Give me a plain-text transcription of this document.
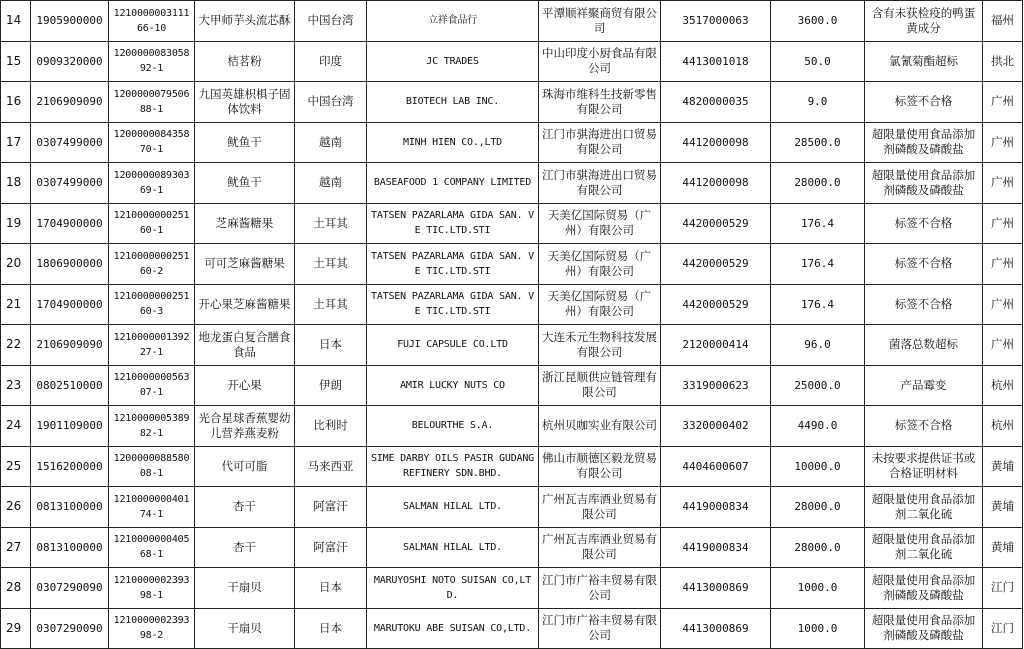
14	1905900000	121000000311166-10	大甲师芋头流芯酥	中国台湾	立祥食品行	平潭顺祥聚商贸有限公司	3517000063	3600.0	含有未获检疫的鸭蛋黄成分	福州
15	0909320000	120000008305892-1	桔茗粉	印度	JC TRADES	中山印度小厨食品有限公司	4413001018	50.0	氯氰菊酯超标	拱北
16	2106909090	120000007950688-1	九国英雄枳椇子固体饮料	中国台湾	BIOTECH LAB INC.	珠海市维科生技新零售有限公司	4820000035	9.0	标签不合格	广州
17	0307499000	120000008435870-1	鱿鱼干	越南	MINH HIEN CO.,LTD	江门市骐海进出口贸易有限公司	4412000098	28500.0	超限量使用食品添加剂磷酸及磷酸盐	广州
18	0307499000	120000008930369-1	鱿鱼干	越南	BASEAFOOD 1 COMPANY LIMITED	江门市骐海进出口贸易有限公司	4412000098	28000.0	超限量使用食品添加剂磷酸及磷酸盐	广州
19	1704900000	121000000025160-1	芝麻酱糖果	土耳其	TATSEN PAZARLAMA GIDA SAN. VE TIC.LTD.STI	天美亿国际贸易（广州）有限公司	4420000529	176.4	标签不合格	广州
20	1806900000	121000000025160-2	可可芝麻酱糖果	土耳其	TATSEN PAZARLAMA GIDA SAN. VE TIC.LTD.STI	天美亿国际贸易（广州）有限公司	4420000529	176.4	标签不合格	广州
21	1704900000	121000000025160-3	开心果芝麻酱糖果	土耳其	TATSEN PAZARLAMA GIDA SAN. VE TIC.LTD.STI	天美亿国际贸易（广州）有限公司	4420000529	176.4	标签不合格	广州
22	2106909090	121000000139227-1	地龙蛋白复合膳食食品	日本	FUJI CAPSULE CO.LTD	大连禾元生物科技发展有限公司	2120000414	96.0	菌落总数超标	广州
23	0802510000	121000000056307-1	开心果	伊朗	AMIR LUCKY NUTS CO	浙江昆顺供应链管理有限公司	3319000623	25000.0	产品霉变	杭州
24	1901109000	121000000538982-1	光合星球香蕉婴幼儿营养燕麦粉	比利时	BELOURTHE S.A.	杭州贝咖实业有限公司	3320000402	4490.0	标签不合格	杭州
25	1516200000	120000008858008-1	代可可脂	马来西亚	SIME DARBY OILS PASIR GUDANG REFINERY SDN.BHD.	佛山市顺德区毅龙贸易有限公司	4404600607	10000.0	未按要求提供证书或合格证明材料	黄埔
26	0813100000	121000000040174-1	杏干	阿富汗	SALMAN HILAL LTD.	广州瓦吉库酒业贸易有限公司	4419000834	28000.0	超限量使用食品添加剂二氧化硫	黄埔
27	0813100000	121000000040568-1	杏干	阿富汗	SALMAN HILAL LTD.	广州瓦吉库酒业贸易有限公司	4419000834	28000.0	超限量使用食品添加剂二氧化硫	黄埔
28	0307290090	121000000239398-1	干扇贝	日本	MARUYOSHI NOTO SUISAN CO,LTD.	江门市广裕丰贸易有限公司	4413000869	1000.0	超限量使用食品添加剂磷酸及磷酸盐	江门
29	0307290090	121000000239398-2	干扇贝	日本	MARUTOKU ABE SUISAN CO,LTD.	江门市广裕丰贸易有限公司	4413000869	1000.0	超限量使用食品添加剂磷酸及磷酸盐	江门
